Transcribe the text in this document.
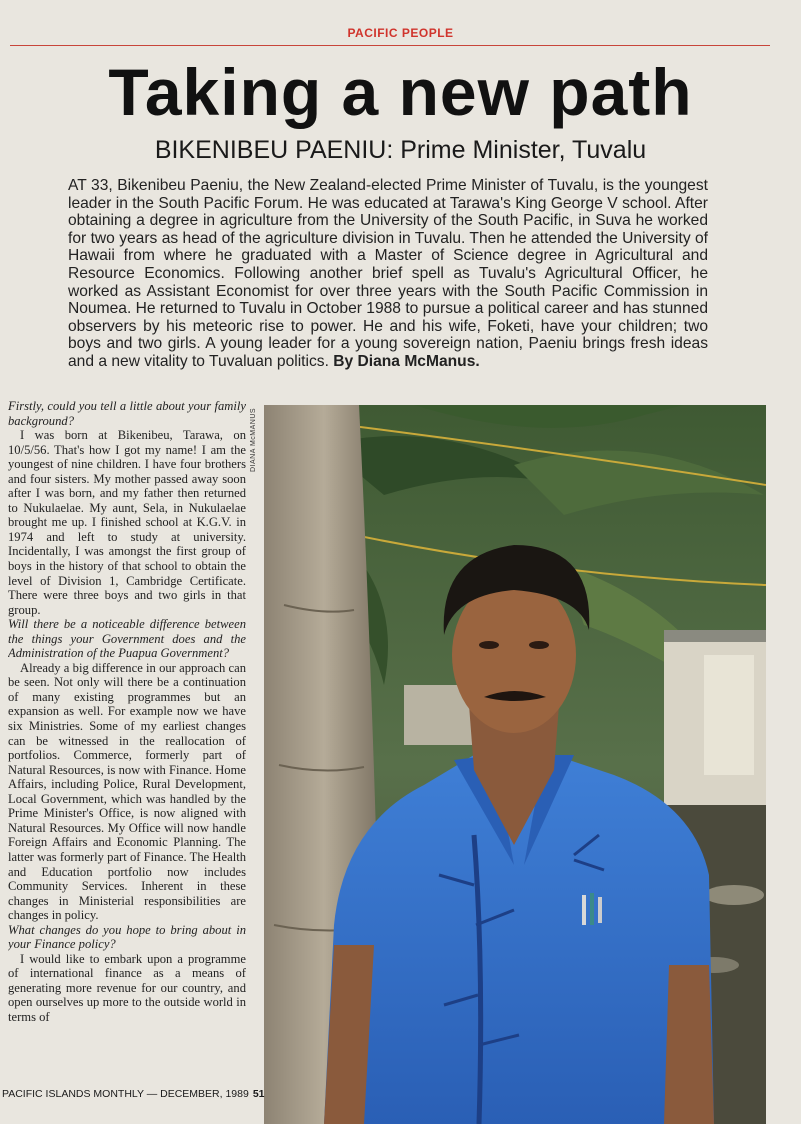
PACIFIC PEOPLE
Taking a new path
BIKENIBEU PAENIU: Prime Minister, Tuvalu
AT 33, Bikenibeu Paeniu, the New Zealand-elected Prime Minister of Tuvalu, is the youngest leader in the South Pacific Forum. He was educated at Tarawa's King George V school. After obtaining a degree in agriculture from the University of the South Pacific, in Suva he worked for two years as head of the agriculture division in Tuvalu. Then he attended the University of Hawaii from where he graduated with a Master of Science degree in Agricultural and Resource Economics. Following another brief spell as Tuvalu's Agricultural Officer, he worked as Assistant Economist for over three years with the South Pacific Commission in Noumea. He returned to Tuvalu in October 1988 to pursue a political career and has stunned observers by his meteoric rise to power. He and his wife, Foketi, have your children; two boys and two girls. A young leader for a young sovereign nation, Paeniu brings fresh ideas and a new vitality to Tuvaluan politics. By Diana McManus.

Firstly, could you tell a little about your family background?

I was born at Bikenibeu, Tarawa, on 10/5/56. That's how I got my name! I am the youngest of nine children. I have four brothers and four sisters. My mother passed away soon after I was born, and my father then returned to Nukulaelae. My aunt, Sela, in Nukulaelae brought me up. I finished school at K.G.V. in 1974 and left to study at university. Incidentally, I was amongst the first group of boys in the history of that school to obtain the level of Division 1, Cambridge Certificate. There were three boys and two girls in that group.

Will there be a noticeable difference between the things your Government does and the Administration of the Puapua Government?

Already a big difference in our approach can be seen. Not only will there be a continuation of many existing programmes but an expansion as well. For example now we have six Ministries. Some of my earliest changes can be witnessed in the reallocation of portfolios. Commerce, formerly part of Natural Resources, is now with Finance. Home Affairs, including Police, Rural Development, Local Government, which was handled by the Prime Minister's Office, is now aligned with Natural Resources. My Office will now handle Foreign Affairs and Economic Planning. The latter was formerly part of Finance. The Health and Education portfolio now includes Community Services. Inherent in these changes in Ministerial responsibilities are changes in policy.

What changes do you hope to bring about in your Finance policy?

I would like to embark upon a programme of international finance as a means of generating more revenue for our country, and open ourselves up more to the outside world in terms of

DIANA McMANUS
PACIFIC ISLANDS MONTHLY — DECEMBER, 1989 51
